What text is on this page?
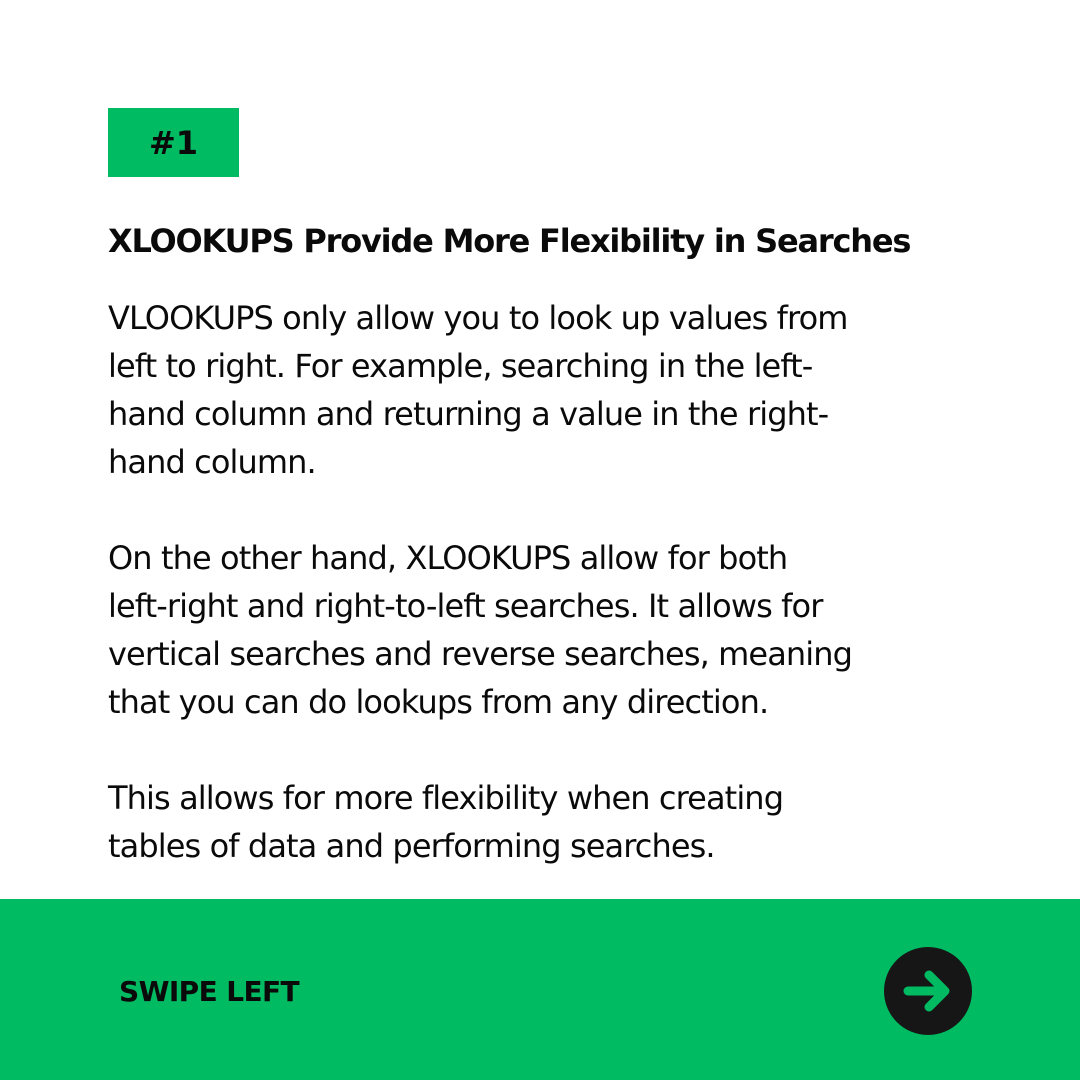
#1
XLOOKUPS Provide More Flexibility in Searches

VLOOKUPS only allow you to look up values from
left to right. For example, searching in the left-
hand column and returning a value in the right-
hand column.

On the other hand, XLOOKUPS allow for both
left-right and right-to-left searches. It allows for
vertical searches and reverse searches, meaning
that you can do lookups from any direction.

This allows for more flexibility when creating
tables of data and performing searches.

SWIPE LEFT
